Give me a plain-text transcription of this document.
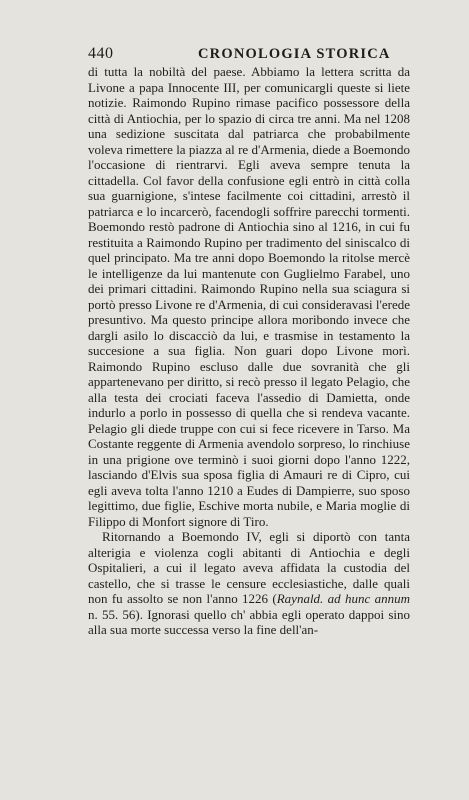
440	CRONOLOGIA STORICA
di tutta la nobiltà del paese. Abbiamo la lettera scritta da Livone a papa Innocente III, per comunicargli queste si liete notizie. Raimondo Rupino rimase pacifico possessore della città di Antiochia, per lo spazio di circa tre anni. Ma nel 1208 una sedizione suscitata dal patriarca che probabilmente voleva rimettere la piazza al re d'Armenia, diede a Boemondo l'occasione di rientrarvi. Egli aveva sempre tenuta la cittadella. Col favor della confusione egli entrò in città colla sua guarnigione, s'intese facilmente coi cittadini, arrestò il patriarca e lo incarcerò, facendogli soffrire parecchi tormenti. Boemondo restò padrone di Antiochia sino al 1216, in cui fu restituita a Raimondo Rupino per tradimento del siniscalco di quel principato. Ma tre anni dopo Boemondo la ritolse mercè le intelligenze da lui mantenute con Guglielmo Farabel, uno dei primari cittadini. Raimondo Rupino nella sua sciagura si portò presso Livone re d'Armenia, di cui consideravasi l'erede presuntivo. Ma questo principe allora moribondo invece che dargli asilo lo discacciò da lui, e trasmise in testamento la succesione a sua figlia. Non guari dopo Livone morì. Raimondo Rupino escluso dalle due sovranità che gli appartenevano per diritto, si recò presso il legato Pelagio, che alla testa dei crociati faceva l'assedio di Damietta, onde indurlo a porlo in possesso di quella che si rendeva vacante. Pelagio gli diede truppe con cui si fece ricevere in Tarso. Ma Costante reggente di Armenia avendolo sorpreso, lo rinchiuse in una prigione ove terminò i suoi giorni dopo l'anno 1222, lasciando d'Elvis sua sposa figlia di Amauri re di Cipro, cui egli aveva tolta l'anno 1210 a Eudes di Dampierre, suo sposo legittimo, due figlie, Eschive morta nubile, e Maria moglie di Filippo di Monfort signore di Tiro.
Ritornando a Boemondo IV, egli si diportò con tanta alterigia e violenza cogli abitanti di Antiochia e degli Ospitalieri, a cui il legato aveva affidata la custodia del castello, che si trasse le censure ecclesiastiche, dalle quali non fu assolto se non l'anno 1226 (Raynald. ad hunc annum n. 55. 56). Ignorasi quello ch' abbia egli operato dappoi sino alla sua morte successa verso la fine dell'an-
